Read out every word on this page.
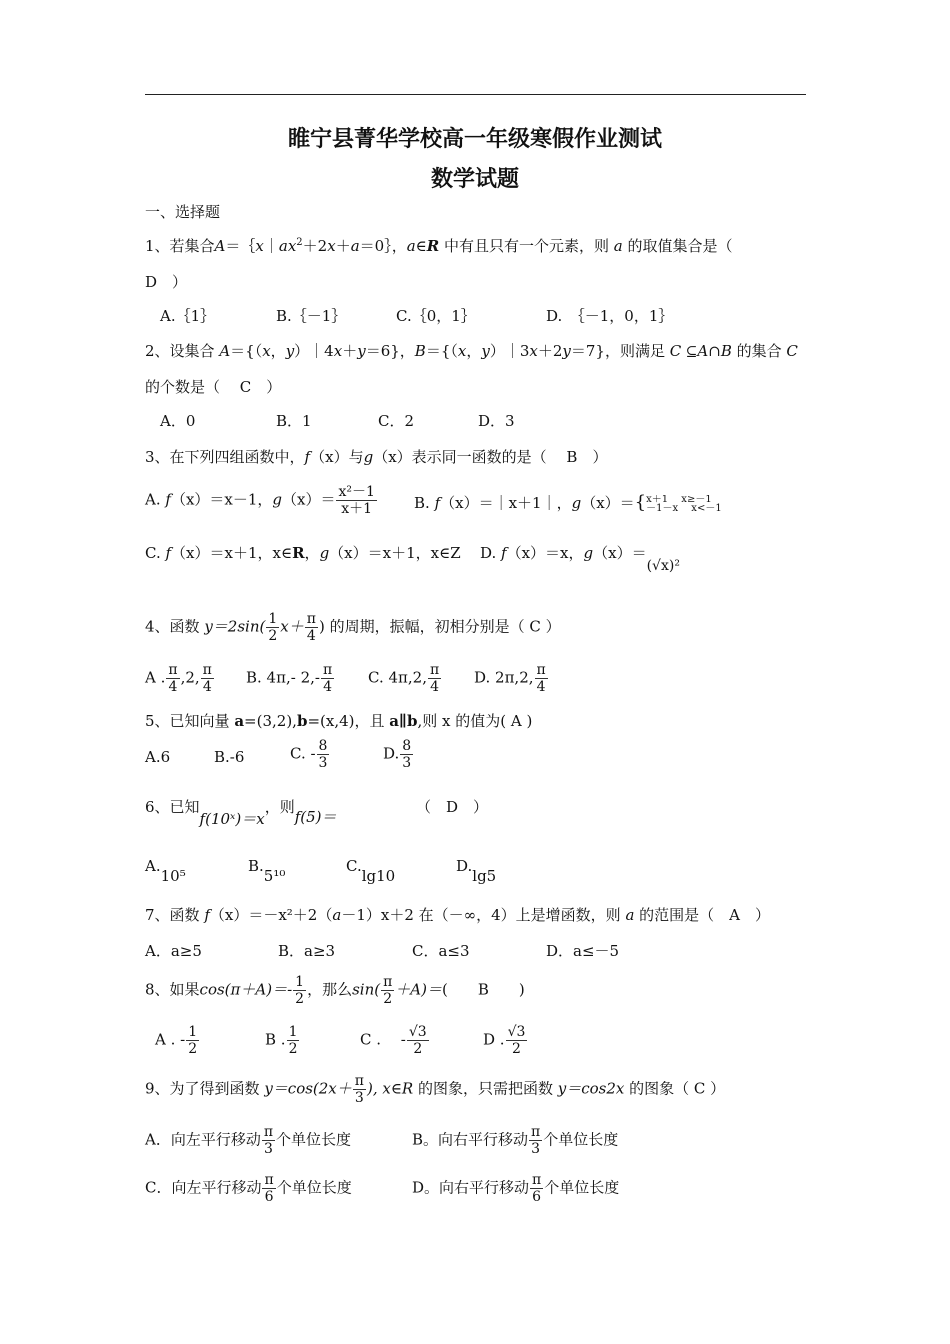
睢宁县菁华学校高一年级寒假作业测试
数学试题
一、选择题
1、若集合$A=\{x|ax^2+2x+a=0\}$，a∈R 中有且只有一个元素，则 a 的取值集合是（
D　）
A.｛1｝	B.｛－1｝	C.｛0，1｝	D.　｛－1，0，1｝
2、设集合 A＝{（x，y）｜4x＋y＝6}，B＝{（x，y）｜3x＋2y＝7}，则满足 C ⊆A∩B 的集合 C
的个数是（　 C　）
A．0	B．1	C．2	D．3
3、在下列四组函数中，f（x）与g（x）表示同一函数的是（　 B　）
A. f（x）＝x－1，$g(x)= \frac{\text{x²－1}}{x+1} B$. f（x）＝｜x＋1｜，g（x）＝{ x＋1　 x≥－1
－1－x　 x<－1
C. f（x）＝x＋1，x∈R，g（x）＝x＋1，x∈Z D. f（x）＝x，g（x）＝(√x)²
4、函数 $y=2\sin( \frac{1}{2} x+ \frac{\pi}{4}$ ) 的周期，振幅，初相分别是（ C ）
A . $\frac{\pi}{4} ,2$, $\frac{\pi}{4} B$. 4π,- $2,- \frac{\pi}{4} C$. 4π,2, $\frac{\pi}{4} D$. 2π,2, $\frac{\pi}{4}$
5、已知向量 a=(3,2),b=(x,4)，且 a∥b,则 x 的值为( A )
A.6	B.-6	C. - $\frac{8}{3}$	D. $\frac{8}{3}$
6、已知f(10ˣ)＝x，则f(5)＝
（　D　）
A.10⁵
B.5¹⁰
C.lg10
D.lg5
7、函数 f（x）＝－x²＋2（a－1）x＋2 在（－∞，4）上是增函数，则 a 的范围是（　A　）
A．a≥5	B．a≥3	C．a≤3	D．a≤－5
8、如果$\cos(\pi+A)=- \frac{1}{2}$ ，那么$\sin( \frac{\pi}{2} +A)=$(　　B　　)
A . - $\frac{1}{2}$	B . $\frac{1}{2}$	C .　 - $\frac{√3}{2}$	D . $\frac{√3}{2}$
9、为了得到函数 $y=\cos(2x+ \frac{\pi}{3}$ ), x∈R 的图象，只需把函数 y＝cos2x 的图象（ C ）
A．向左平行移动 $\frac{\pi}{3}$ 个单位长度	B。向右平行移动 $\frac{\pi}{3}$ 个单位长度
C．向左平行移动 $\frac{\pi}{6}$ 个单位长度	D。向右平行移动 $\frac{\pi}{6}$ 个单位长度
